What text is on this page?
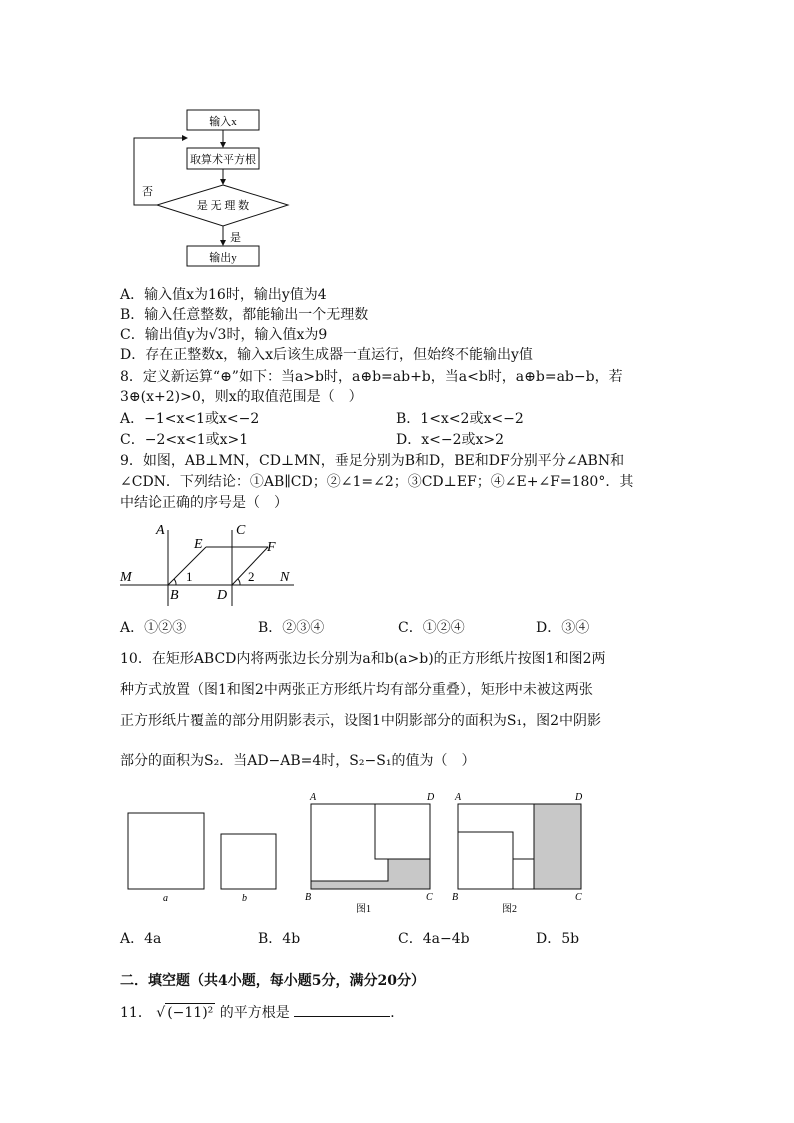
输入x
取算术平方根
是 无 理 数
否
是
输出y
A．输入值x为16时，输出y值为4
B．输入任意整数，都能输出一个无理数
C．输出值y为√3时，输入值x为9
D．存在正整数x，输入x后该生成器一直运行，但始终不能输出y值
8．定义新运算“⊕”如下：当a>b时，a⊕b=ab+b，当a<b时，a⊕b=ab−b，若
3⊕(x+2)>0，则x的取值范围是（　）
A．−1<x<1或x<−2	B．1<x<2或x<−2
C．−2<x<1或x>1	D．x<−2或x>2
9．如图，AB⊥MN，CD⊥MN，垂足分别为B和D，BE和DF分别平分∠ABN和
∠CDN．下列结论：①AB∥CD；②∠1=∠2；③CD⊥EF；④∠E+∠F=180°．其
中结论正确的序号是（　）
A	C
E	F
M	N
B	D
1	2
A．①②③	B．②③④	C．①②④	D．③④
10．在矩形ABCD内将两张边长分别为a和b(a>b)的正方形纸片按图1和图2两
种方式放置（图1和图2中两张正方形纸片均有部分重叠），矩形中未被这两张
正方形纸片覆盖的部分用阴影表示，设图1中阴影部分的面积为S₁，图2中阴影
部分的面积为S₂．当AD−AB=4时，S₂−S₁的值为（　）
a	b
A	D
B	C
图1
A	D
B	C
图2
A．4a	B．4b	C．4a−4b	D．5b
二．填空题（共4小题，每小题5分，满分20分）
11． √ (−11)² 的平方根是	．
